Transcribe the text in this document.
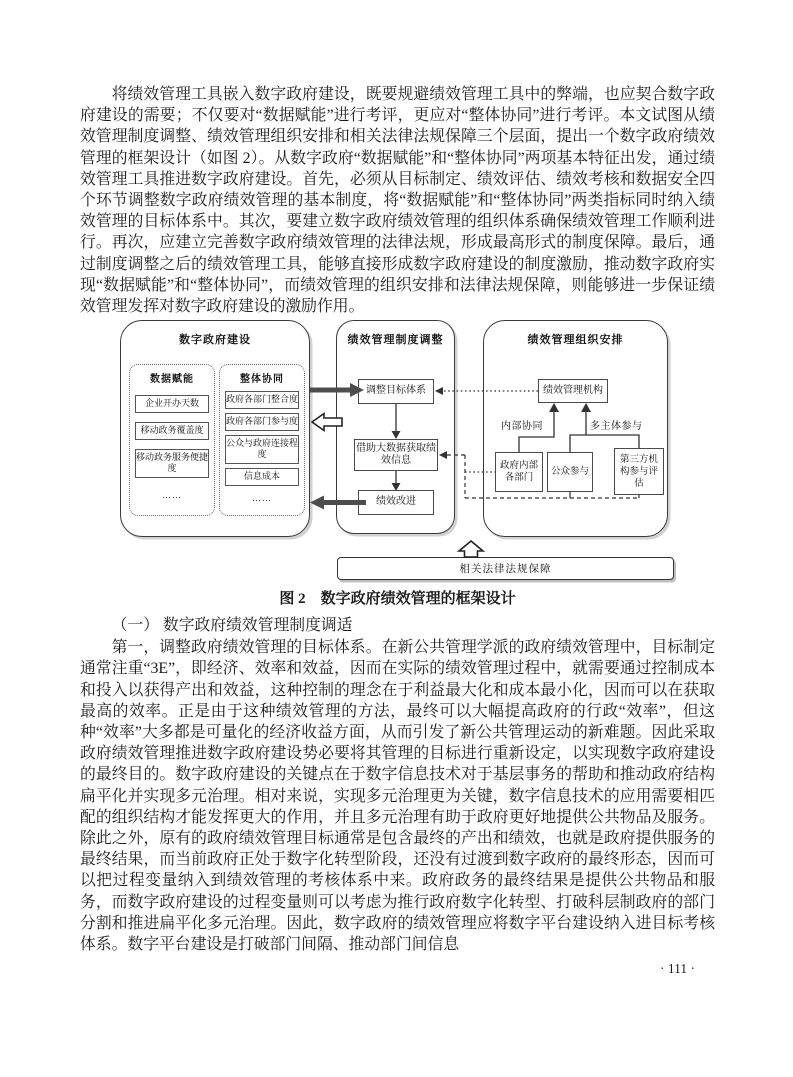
将绩效管理工具嵌入数字政府建设，既要规避绩效管理工具中的弊端，也应契合数字政府建设的需要；不仅要对“数据赋能”进行考评，更应对“整体协同”进行考评。本文试图从绩效管理制度调整、绩效管理组织安排和相关法律法规保障三个层面，提出一个数字政府绩效管理的框架设计（如图 2）。从数字政府“数据赋能”和“整体协同”两项基本特征出发，通过绩效管理工具推进数字政府建设。首先，必须从目标制定、绩效评估、绩效考核和数据安全四个环节调整数字政府绩效管理的基本制度，将“数据赋能”和“整体协同”两类指标同时纳入绩效管理的目标体系中。其次，要建立数字政府绩效管理的组织体系确保绩效管理工作顺利进行。再次，应建立完善数字政府绩效管理的法律法规，形成最高形式的制度保障。最后，通过制度调整之后的绩效管理工具，能够直接形成数字政府建设的制度激励，推动数字政府实现“数据赋能”和“整体协同”，而绩效管理的组织安排和法律法规保障，则能够进一步保证绩效管理发挥对数字政府建设的激励作用。

数字政府建设
数据赋能
企业开办天数
移动政务覆盖度
移动政务服务便捷度
……
整体协同
政府各部门整合度
政府各部门参与度
公众与政府连接程度
信息成本
……
绩效管理制度调整
调整目标体系
借助大数据获取绩效信息
绩效改进
绩效管理组织安排
绩效管理机构
内部协同	多主体参与
政府内部各部门
公众参与
第三方机构参与评估
相关法律法规保障

图 2　数字政府绩效管理的框架设计

（一） 数字政府绩效管理制度调适

第一，调整政府绩效管理的目标体系。在新公共管理学派的政府绩效管理中，目标制定通常注重“3E”，即经济、效率和效益，因而在实际的绩效管理过程中，就需要通过控制成本和投入以获得产出和效益，这种控制的理念在于利益最大化和成本最小化，因而可以在获取最高的效率。正是由于这种绩效管理的方法，最终可以大幅提高政府的行政“效率”，但这种“效率”大多都是可量化的经济收益方面，从而引发了新公共管理运动的新难题。因此采取政府绩效管理推进数字政府建设势必要将其管理的目标进行重新设定，以实现数字政府建设的最终目的。数字政府建设的关键点在于数字信息技术对于基层事务的帮助和推动政府结构扁平化并实现多元治理。相对来说，实现多元治理更为关键，数字信息技术的应用需要相匹配的组织结构才能发挥更大的作用，并且多元治理有助于政府更好地提供公共物品及服务。除此之外，原有的政府绩效管理目标通常是包含最终的产出和绩效，也就是政府提供服务的最终结果，而当前政府正处于数字化转型阶段，还没有过渡到数字政府的最终形态，因而可以把过程变量纳入到绩效管理的考核体系中来。政府政务的最终结果是提供公共物品和服务，而数字政府建设的过程变量则可以考虑为推行政府数字化转型、打破科层制政府的部门分割和推进扁平化多元治理。因此，数字政府的绩效管理应将数字平台建设纳入进目标考核体系。数字平台建设是打破部门间隔、推动部门间信息

· 111 ·
